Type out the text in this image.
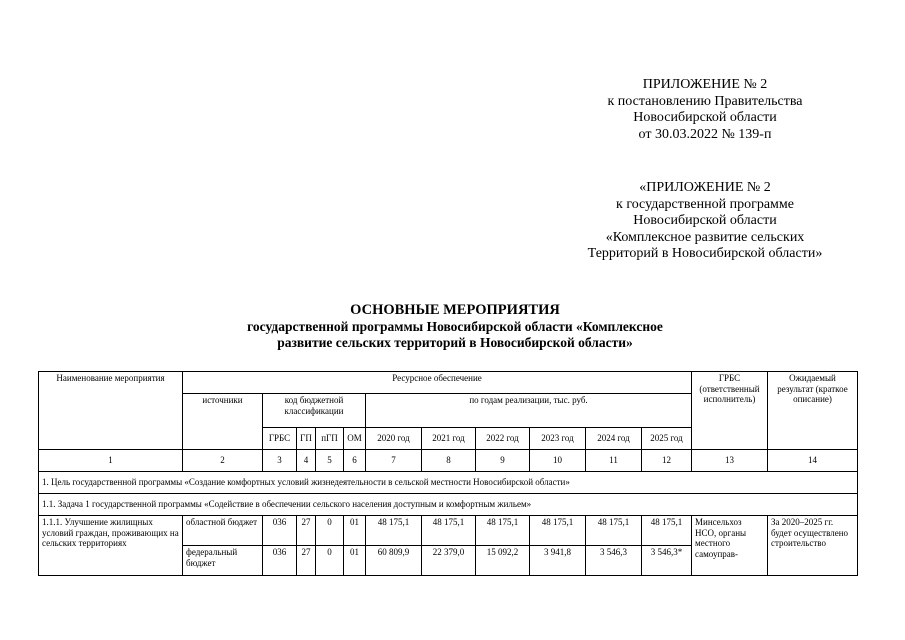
ПРИЛОЖЕНИЕ № 2
к постановлению Правительства
Новосибирской области
от 30.03.2022 № 139-п
«ПРИЛОЖЕНИЕ № 2
к государственной программе
Новосибирской области
«Комплексное развитие сельских
Территорий в Новосибирской области»
ОСНОВНЫЕ МЕРОПРИЯТИЯ
государственной программы Новосибирской области «Комплексное
развитие сельских территорий в Новосибирской области»
Наименование мероприятия	Ресурсное обеспечение											ГРБС (ответственный исполнитель)	Ожидаемый результат (краткое описание)
	источники	код бюджетной классификации				по годам реализации, тыс. руб.							
		ГРБС	ГП	пГП	ОМ	2020 год	2021 год	2022 год	2023 год	2024 год	2025 год		
1	2	3	4	5	6	7	8	9	10	11	12	13	14
1. Цель государственной программы «Создание комфортных условий жизнедеятельности в сельской местности Новосибирской области»													
1.1. Задача 1 государственной программы «Содействие в обеспечении сельского населения доступным и комфортным жильем»													
1.1.1. Улучшение жилищных условий граждан, проживающих на сельских территориях	областной бюджет	036	27	0	01	48 175,1	48 175,1	48 175,1	48 175,1	48 175,1	48 175,1	Минсельхоз НСО, органы местного самоуправ-	За 2020–2025 гг. будет осуществлено строительство
	федеральный бюджет	036	27	0	01	60 809,9	22 379,0	15 092,2	3 941,8	3 546,3	3 546,3*		
